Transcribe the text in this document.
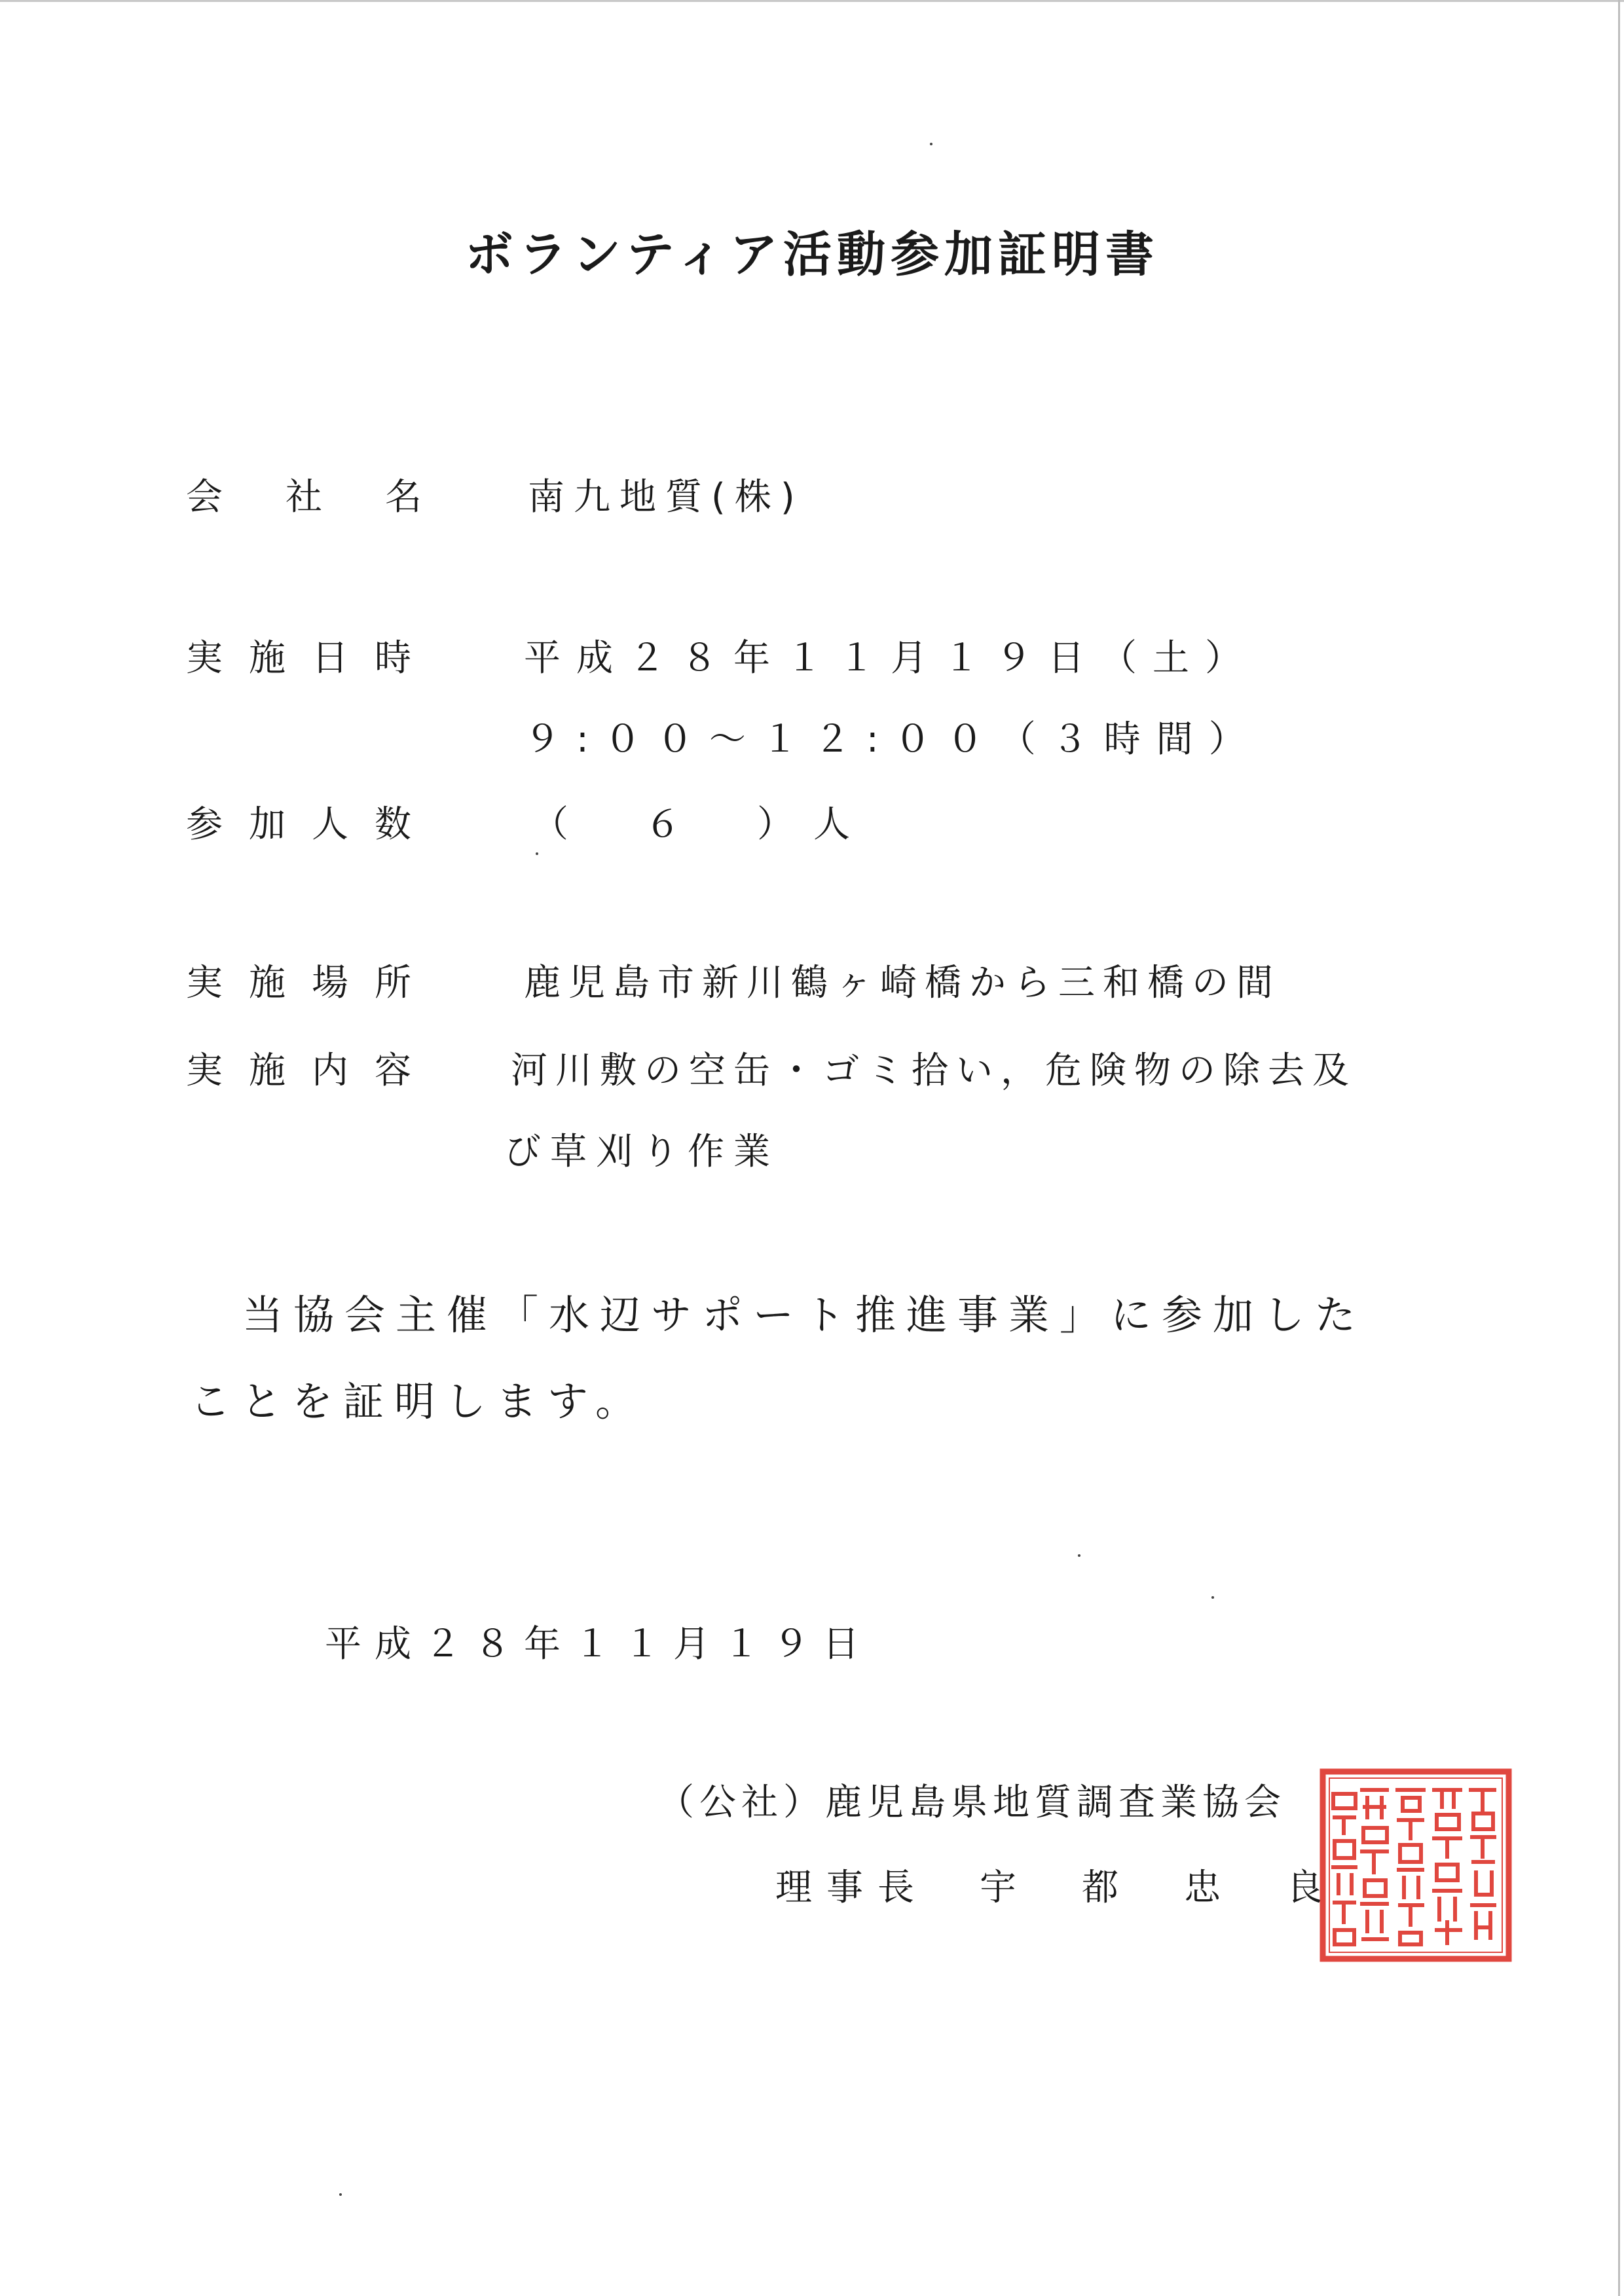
ボランティア活動参加証明書
会社名 南九地質(株)
実施日時 平成２８年１１月１９日（土）
９:００～１２:００（３時間）
参加人数	（　６　）人
実施場所 鹿児島市新川鶴ヶ崎橋から三和橋の間
実施内容 河川敷の空缶・ゴミ拾い，危険物の除去及
び草刈り作業
当協会主催「水辺サポート推進事業」に参加した
ことを証明します。
平成２８年１１月１９日
（公社）鹿児島県地質調査業協会
理事長　宇　都　忠　良
